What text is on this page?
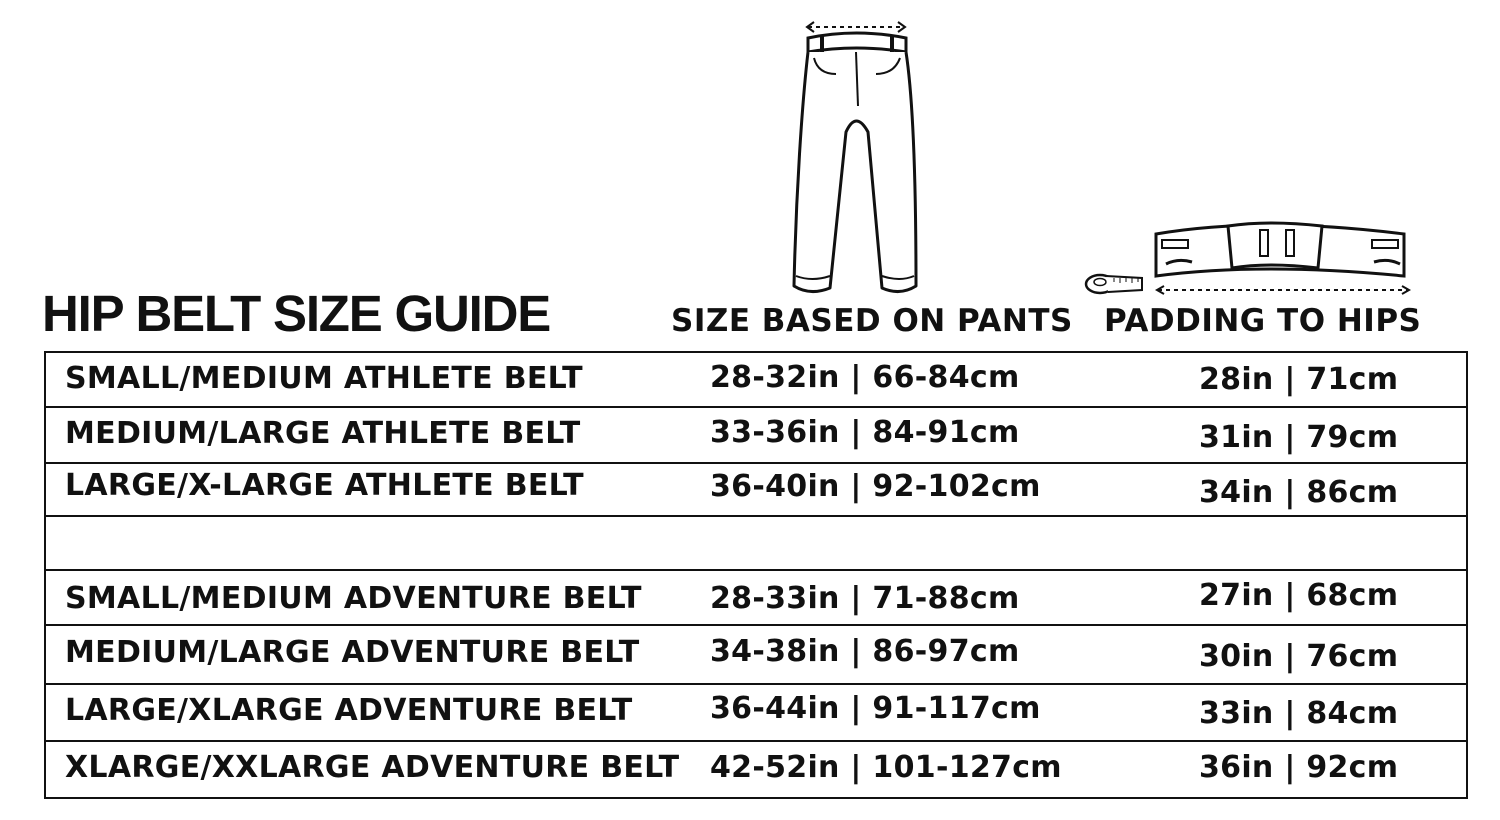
HIP BELT SIZE GUIDE	SIZE BASED ON PANTS PADDING TO HIPS
SMALL/MEDIUM ATHLETE BELT	28-32in | 66-84cm	28in | 71cm
MEDIUM/LARGE ATHLETE BELT	33-36in | 84-91cm	31in | 79cm
LARGE/X-LARGE ATHLETE BELT	36-40in | 92-102cm	34in | 86cm
SMALL/MEDIUM ADVENTURE BELT 28-33in | 71-88cm	27in | 68cm
MEDIUM/LARGE ADVENTURE BELT 34-38in | 86-97cm	30in | 76cm
LARGE/XLARGE ADVENTURE BELT	36-44in | 91-117cm	33in | 84cm
XLARGE/XXLARGE ADVENTURE BELT 42-52in | 101-127cm	36in | 92cm
